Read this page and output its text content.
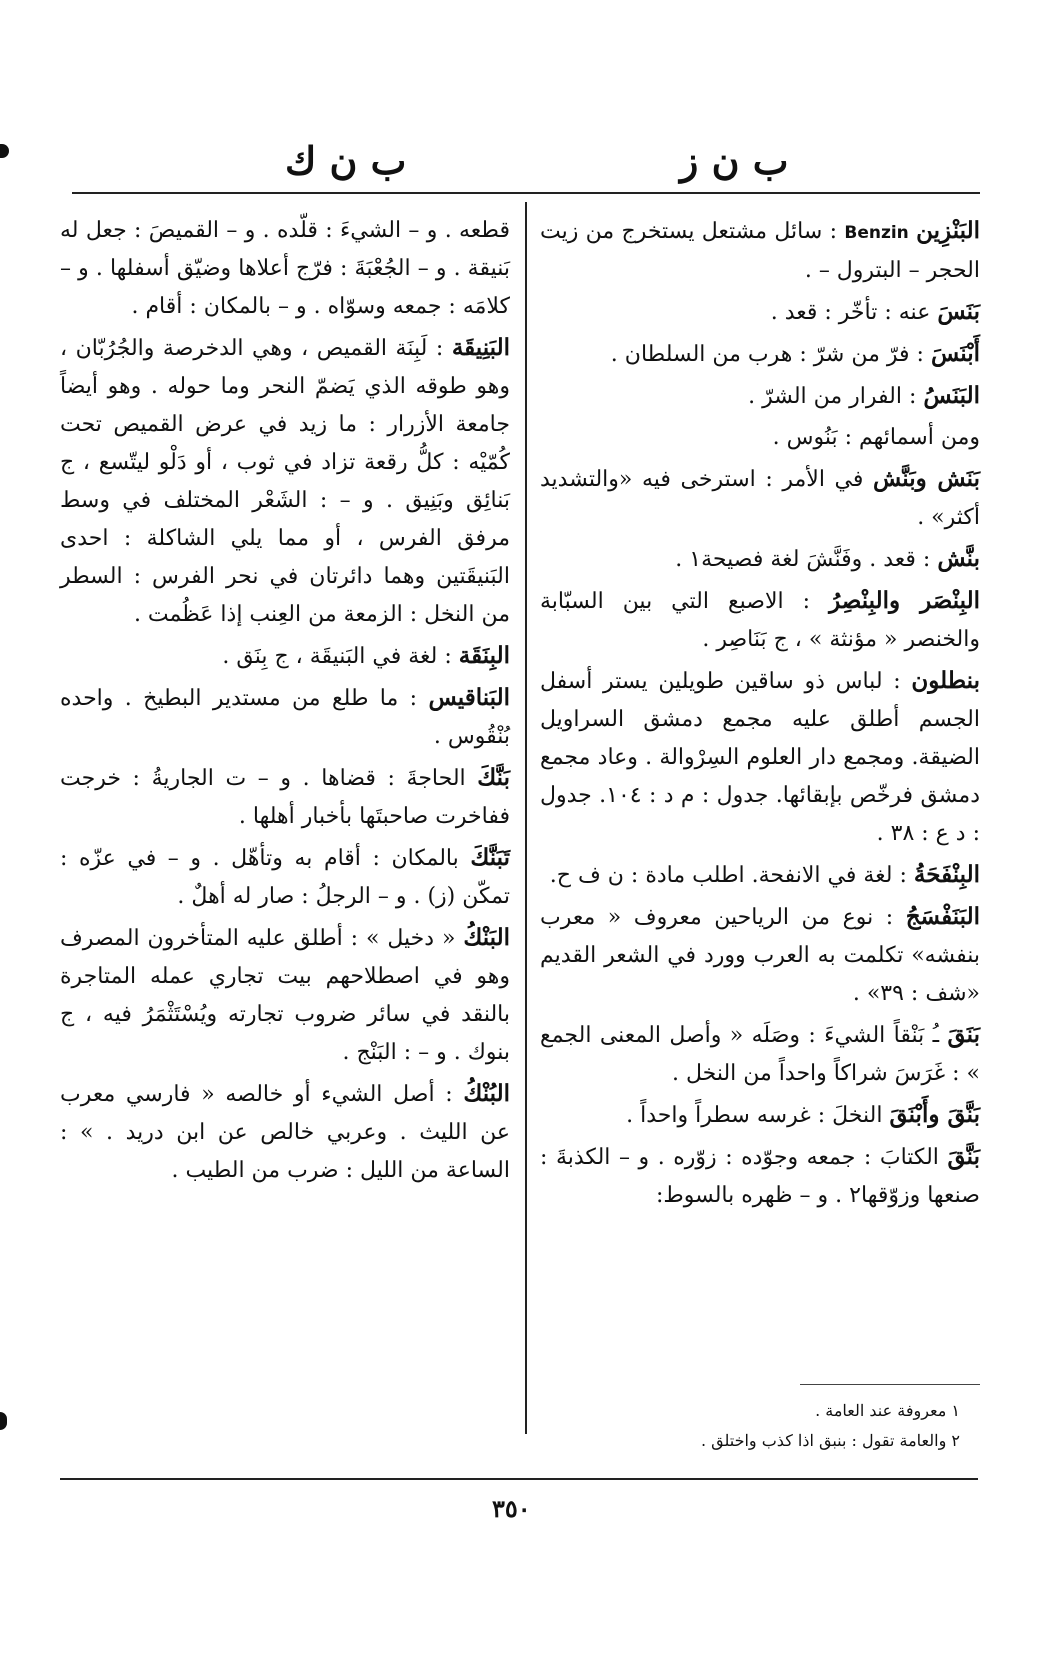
ب ن ك	ب ن ز
قطعه . و – الشيءَ : قلّده . و – القميصَ : جعل له بَنيقة . و – الجُعْبَةَ : فرّج أعلاها وضيّق أسفلها . و – كلامَه : جمعه وسوّاه . و – بالمكان : أقام .
البَنِيقَة : لَبِنَة القميص ، وهي الدخرصة والجُرُبّان ، وهو طوقه الذي يَضمّ النحر وما حوله . وهو أيضاً جامعة الأزرار : ما زيد في عرض القميص تحت كُمّيْه : كلُّ رقعة تزاد في ثوب ، أو دَلْو ليتّسع ، ج بَنائِق وبَنِيق . و – : الشَعْر المختلف في وسط مرفق الفرس ، أو مما يلي الشاكلة : احدى البَنيقَتين وهما دائرتان في نحر الفرس : السطر من النخل : الزمعة من العِنب إذا عَظُمت .
البِنَقَة : لغة في البَنيقَة ، ج بِنَق .
البَناقيس : ما طلع من مستدير البطيخ . واحده بُنْقُوس .
بَنَّكَ الحاجةَ : قضاها . و – ت الجاريةُ : خرجت ففاخرت صاحبتَها بأخبار أهلها .
تَبَنَّكَ بالمكان : أقام به وتأهّل . و – في عزّه : تمكّن (ز) . و – الرجلُ : صار له أهلٌ .
البَنْكُ « دخيل » : أطلق عليه المتأخرون المصرف وهو في اصطلاحهم بيت تجاري عمله المتاجرة بالنقد في سائر ضروب تجارته ويُسْتَثْمَرُ فيه ، ج بنوك . و – : البَنْج .
البُنْكُ : أصل الشيء أو خالصه « فارسي معرب عن الليث . وعربي خالص عن ابن دريد . » : الساعة من الليل : ضرب من الطيب .
البَنْزِين Benzin : سائل مشتعل يستخرج من زيت الحجر – البترول – .
بَنَسَ عنه : تأخّر : قعد .
أَبْنَسَ : فرّ من شرّ : هرب من السلطان .
البَنَسُ : الفرار من الشرّ .
ومن أسمائهم : بَنُوس .
بَنَش وبَنَّش في الأمر : استرخى فيه «والتشديد أكثر» .
بنَّش : قعد . وفَنَّشَ لغة فصيحة١ .
البِنْصَر والبِنْصِرُ : الاصبع التي بين السبّابة والخنصر « مؤنثة » ، ج بَنَاصِر .
بنطلون : لباس ذو ساقين طويلين يستر أسفل الجسم أطلق عليه مجمع دمشق السراويل الضيقة. ومجمع دار العلوم السِرْوالة . وعاد مجمع دمشق فرخّص بإبقائها. جدول : م د : ١٠٤. جدول : د ع : ٣٨ .
البِنْفَحَةُ : لغة في الانفحة. اطلب مادة : ن ف ح.
البَنَفْسَجُ : نوع من الرياحين معروف « معرب بنفشه» تكلمت به العرب وورد في الشعر القديم «شف : ٣٩» .
بَنَقَ ـُ بَنْقاً الشيءَ : وصَلَه « وأصل المعنى الجمع » : غَرَسَ شراكاً واحداً من النخل .
بَنَّقَ وأَبْنَقَ النخلَ : غرسه سطراً واحداً .
بَنَّقَ الكتابَ : جمعه وجوّده : زوّره . و – الكذبةَ : صنعها وزوّقها٢ . و – ظهره بالسوط:
١ معروفة عند العامة .
٢ والعامة تقول : بنبق اذا كذب واختلق .
٣٥٠
